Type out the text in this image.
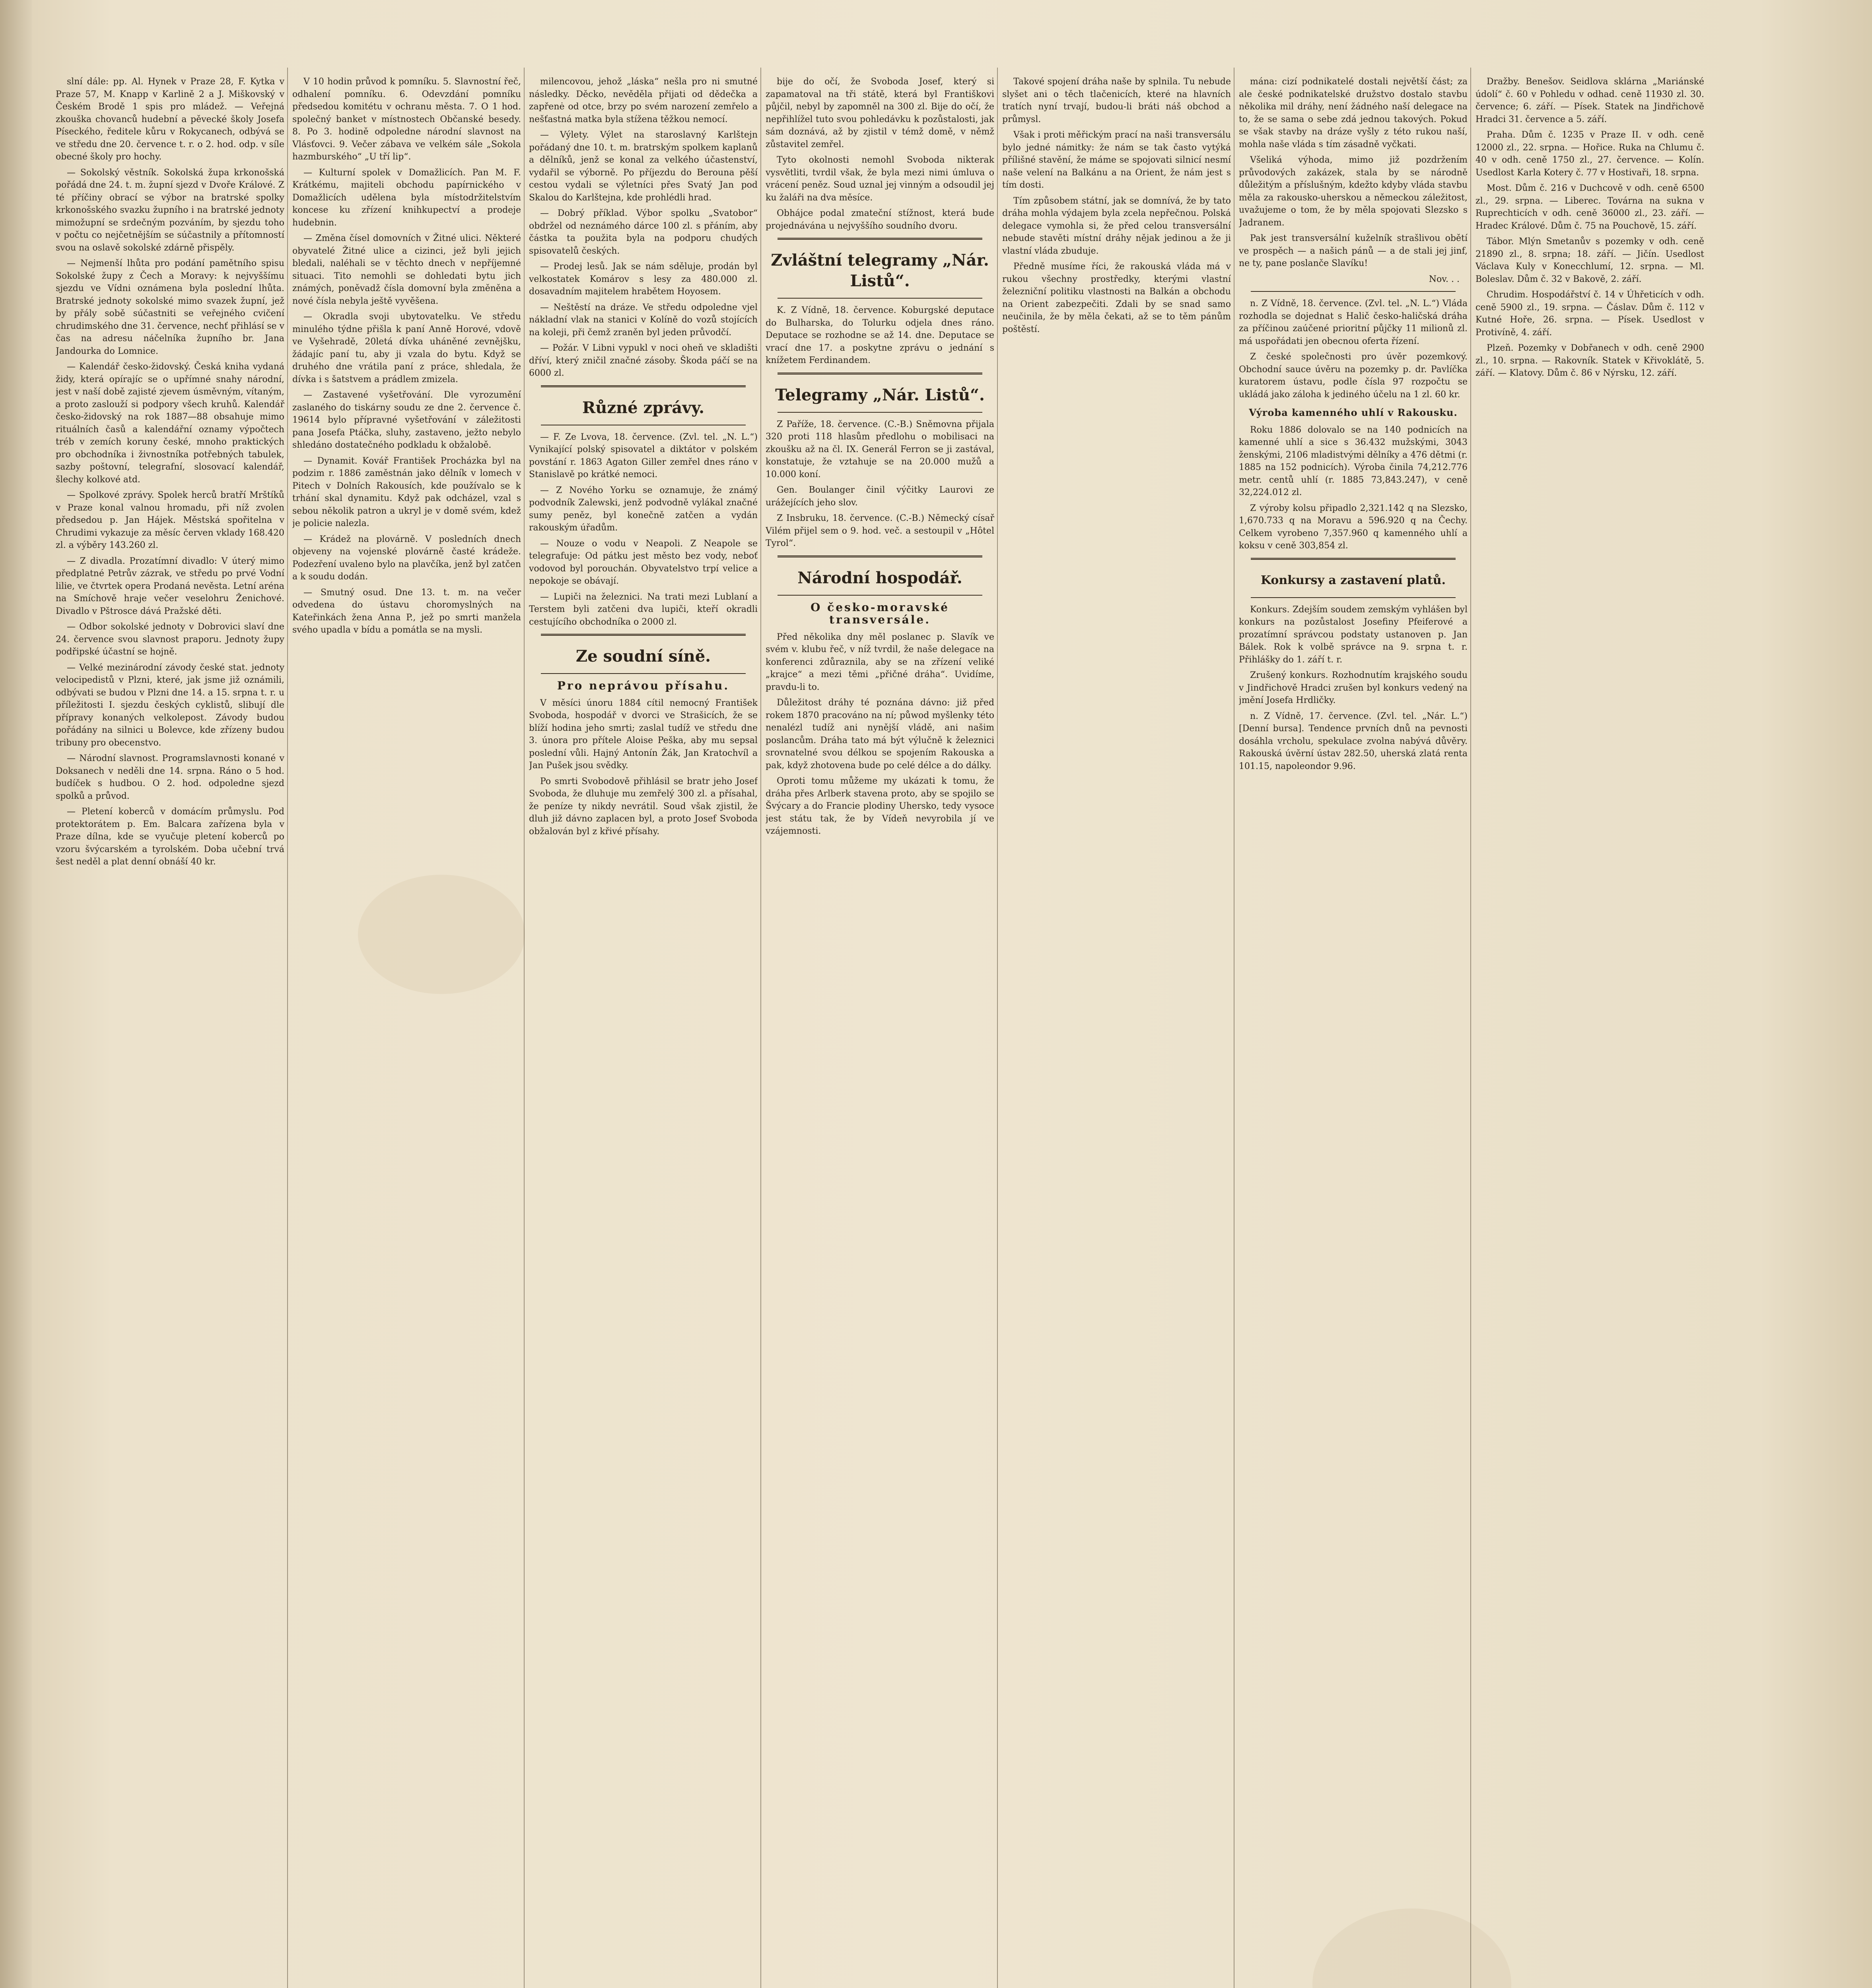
slní dále: pp. Al. Hynek v Praze 28, F. Kytka v Praze 57, M. Knapp v Karlině 2 a J. Miškovský v Českém Brodě 1 spis pro mládež. — Veřejná zkouška chovanců hudební a pěvecké školy Josefa Píseckého, ředitele kůru v Rokycanech, odbývá se ve středu dne 20. července t. r. o 2. hod. odp. v síle obecné školy pro hochy.

— Sokolský věstník. Sokolská župa krkonošská pořádá dne 24. t. m. župní sjezd v Dvoře Králové. Z té příčiny obrací se výbor na bratrské spolky krkonošského svazku župního i na bratrské jednoty mimožupní se srdečným pozváním, by sjezdu toho v počtu co nejčetnějším se súčastnily a přítomností svou na oslavě sokolské zdárně přispěly.

— Nejmenší lhůta pro podání pamětního spisu Sokolské župy z Čech a Moravy: k nejvyššímu sjezdu ve Vídni oznámena byla poslední lhůta. Bratrské jednoty sokolské mimo svazek župní, jež by přály sobě súčastniti se veřejného cvičení chrudimského dne 31. července, nechť přihlásí se v čas na adresu náčelníka župního br. Jana Jandourka do Lomnice.

— Kalendář česko-židovský. Česká kniha vydaná židy, která opírajíc se o upřímné snahy národní, jest v naší době zajisté zjevem úsměvným, vítaným, a proto zaslouží si podpory všech kruhů. Kalendář česko-židovský na rok 1887—88 obsahuje mimo rituálních časů a kalendářní oznamy výpočtech tréb v zemích koruny české, mnoho praktických pro obchodníka i živnostníka potřebných tabulek, sazby poštovní, telegrafní, slosovací kalendář, šlechy kolkové atd.

— Spolkové zprávy. Spolek herců bratří Mrštíků v Praze konal valnou hromadu, při níž zvolen předsedou p. Jan Hájek. Městská spořitelna v Chrudimi vykazuje za měsíc červen vklady 168.420 zl. a výběry 143.260 zl.

— Z divadla. Prozatímní divadlo: V úterý mimo předplatné Petrův zázrak, ve středu po prvé Vodní lilie, ve čtvrtek opera Prodaná nevěsta. Letní aréna na Smíchově hraje večer veselohru Ženichové. Divadlo v Pštrosce dává Pražské děti.

— Odbor sokolské jednoty v Dobrovici slaví dne 24. července svou slavnost praporu. Jednoty župy podřipské účastní se hojně.

— Velké mezinárodní závody české stat. jednoty velocipedistů v Plzni, které, jak jsme již oznámili, odbývati se budou v Plzni dne 14. a 15. srpna t. r. u příležitosti I. sjezdu českých cyklistů, slibují dle přípravy konaných velkolepost. Závody budou pořádány na silnici u Bolevce, kde zřízeny budou tribuny pro obecenstvo.

— Národní slavnost. Programslavnosti konané v Doksanech v neděli dne 14. srpna. Ráno o 5 hod. budíček s hudbou. O 2. hod. odpoledne sjezd spolků a průvod.

— Pletení koberců v domácím průmyslu. Pod protektorátem p. Em. Balcara zařízena byla v Praze dílna, kde se vyučuje pletení koberců po vzoru švýcarském a tyrolském. Doba učební trvá šest neděl a plat denní obnáší 40 kr.

V 10 hodin průvod k pomníku. 5. Slavnostní řeč, odhalení pomníku. 6. Odevzdání pomníku předsedou komitétu v ochranu města. 7. O 1 hod. společný banket v místnostech Občanské besedy. 8. Po 3. hodině odpoledne národní slavnost na Vlásťovci. 9. Večer zábava ve velkém sále „Sokola hazmburského“ „U tří lip“.

— Kulturní spolek v Domažlicích. Pan M. F. Krátkému, majiteli obchodu papírnického v Domažlicích udělena byla místodržitelstvím koncese ku zřízení knihkupectví a prodeje hudebnin.

— Změna čísel domovních v Žitné ulici. Některé obyvatelé Žitné ulice a cizinci, jež byli jejich bledali, naléhali se v těchto dnech v nepříjemné situaci. Tito nemohli se dohledati bytu jich známých, poněvadž čísla domovní byla změněna a nové čísla nebyla ještě vyvěšena.

— Okradla svoji ubytovatelku. Ve středu minulého týdne přišla k paní Anně Horové, vdově ve Vyšehradě, 20letá dívka uháněné zevnějšku, žádajíc paní tu, aby ji vzala do bytu. Když se druhého dne vrátila paní z práce, shledala, že dívka i s šatstvem a prádlem zmizela.

— Zastavené vyšetřování. Dle vyrozumění zaslaného do tiskárny soudu ze dne 2. července č. 19614 bylo přípravné vyšetřování v záležitosti pana Josefa Ptáčka, sluhy, zastaveno, ježto nebylo shledáno dostatečného podkladu k obžalobě.

— Dynamit. Kovář František Procházka byl na podzim r. 1886 zaměstnán jako dělník v lomech v Pitech v Dolních Rakousích, kde používalo se k trhání skal dynamitu. Když pak odcházel, vzal s sebou několik patron a ukryl je v domě svém, kdež je policie nalezla.

— Krádež na plovárně. V posledních dnech objeveny na vojenské plovárně časté krádeže. Podezření uvaleno bylo na plavčíka, jenž byl zatčen a k soudu dodán.

— Smutný osud. Dne 13. t. m. na večer odvedena do ústavu choromyslných na Kateřinkách žena Anna P., jež po smrti manžela svého upadla v bídu a pomátla se na mysli.

milencovou, jehož „láska“ nešla pro ni smutné následky. Děcko, nevěděla přijati od dědečka a zapřenė od otce, brzy po svém narození zemřelo a nešťastná matka byla stížena těžkou nemocí.

— Výlety. Výlet na staroslavný Karlštejn pořádaný dne 10. t. m. bratrským spolkem kaplanů a dělníků, jenž se konal za velkého účastenství, vydařil se výborně. Po příjezdu do Berouna pěší cestou vydali se výletníci přes Svatý Jan pod Skalou do Karlštejna, kde prohlédli hrad.

— Dobrý příklad. Výbor spolku „Svatobor“ obdržel od neznámého dárce 100 zl. s přáním, aby částka ta použita byla na podporu chudých spisovatelů českých.

— Prodej lesů. Jak se nám sděluje, prodán byl velkostatek Komárov s lesy za 480.000 zl. dosavadním majitelem hrabětem Hoyosem.

— Neštěstí na dráze. Ve středu odpoledne vjel nákladní vlak na stanici v Kolíně do vozů stojících na koleji, při čemž zraněn byl jeden průvodčí.

— Požár. V Libni vypukl v noci oheň ve skladišti dříví, který zničil značné zásoby. Škoda páčí se na 6000 zl.

Různé zprávy.

— F. Ze Lvova, 18. července. (Zvl. tel. „N. L.“) Vynikající polský spisovatel a diktátor v polském povstání r. 1863 Agaton Giller zemřel dnes ráno v Stanislavě po krátké nemoci.

— Z Nového Yorku se oznamuje, že známý podvodník Zalewski, jenž podvodně vylákal značné sumy peněz, byl konečně zatčen a vydán rakouským úřadům.

— Nouze o vodu v Neapoli. Z Neapole se telegrafuje: Od pátku jest město bez vody, neboť vodovod byl porouchán. Obyvatelstvo trpí velice a nepokoje se obávají.

— Lupiči na železnici. Na trati mezi Lublaní a Terstem byli zatčeni dva lupiči, kteří okradli cestujícího obchodníka o 2000 zl.

Ze soudní síně.
Pro neprávou přísahu.

V měsíci únoru 1884 cítil nemocný František Svoboda, hospodář v dvorci ve Strašicích, že se blíží hodina jeho smrti; zaslal tudíž ve středu dne 3. února pro přítele Aloise Peška, aby mu sepsal poslední vůli. Hajný Antonín Žák, Jan Kratochvíl a Jan Pušek jsou svědky.

Po smrti Svobodově přihlásil se bratr jeho Josef Svoboda, že dluhuje mu zemřelý 300 zl. a přísahal, že peníze ty nikdy nevrátil. Soud však zjistil, že dluh již dávno zaplacen byl, a proto Josef Svoboda obžalován byl z křivé přísahy.

bije do očí, že Svoboda Josef, který si zapamatoval na tři státě, která byl Františkovi půjčil, nebyl by zapomněl na 300 zl. Bije do očí, že nepřihlížel tuto svou pohledávku k pozůstalosti, jak sám doznává, až by zjistil v témž domě, v němž zůstavitel zemřel.

Tyto okolnosti nemohl Svoboda nikterak vysvětliti, tvrdil však, že byla mezi nimi úmluva o vrácení peněz. Soud uznal jej vinným a odsoudil jej ku žaláři na dva měsíce.

Obhájce podal zmateční stížnost, která bude projednávána u nejvyššího soudního dvoru.

Zvláštní telegramy „Nár. Listů“.

K. Z Vídně, 18. července. Koburgské deputace do Bulharska, do Tolurku odjela dnes ráno. Deputace se rozhodne se až 14. dne. Deputace se vrací dne 17. a poskytne zprávu o jednání s knížetem Ferdinandem.

Telegramy „Nár. Listů“.

Z Paříže, 18. července. (C.-B.) Sněmovna přijala 320 proti 118 hlasům předlohu o mobilisaci na zkoušku až na čl. IX. Generál Ferron se ji zastával, konstatuje, že vztahuje se na 20.000 mužů a 10.000 koní.

Gen. Boulanger činil výčitky Laurovi ze urážejících jeho slov.

Z Insbruku, 18. července. (C.-B.) Německý císař Vilém přijel sem o 9. hod. več. a sestoupil v „Hôtel Tyrol“.

Národní hospodář.
O česko-moravské transversále.

Před několika dny měl poslanec p. Slavík ve svém v. klubu řeč, v níž tvrdil, že naše delegace na konferenci zdůraznila, aby se na zřízení veliké „krajce“ a mezi těmi „přičné dráha“. Uvidíme, pravdu-li to.

Důležitost dráhy té poznána dávno: již před rokem 1870 pracováno na ní; půwod myšlenky této nenalézl tudíž ani nynější vládě, ani našim poslancům. Dráha tato má být výlučně k železnici srovnatelné svou délkou se spojením Rakouska a pak, když zhotovena bude po celé délce a do dálky.

Oproti tomu můžeme my ukázati k tomu, že dráha přes Arlberk stavena proto, aby se spojilo se Švýcary a do Francie plodiny Uhersko, tedy vysoce jest státu tak, že by Vídeň nevyrobila jí ve vzájemnosti.

Takové spojení dráha naše by splnila. Tu nebude slyšet ani o těch tlačenicích, které na hlavních tratích nyní trvají, budou-li bráti náš obchod a průmysl.

Však i proti měřickým prací na naši transversálu bylo jedné námitky: že nám se tak často vytýká přílišné stavění, že máme se spojovati silnicí nesmí naše velení na Balkánu a na Orient, že nám jest s tím dosti.

Tím způsobem státní, jak se domnívá, že by tato dráha mohla výdajem byla zcela nepřečnou. Polská delegace vymohla si, že před celou transversální nebude stavěti místní dráhy nějak jedinou a že ji vlastní vláda zbuduje.

Předně musíme říci, že rakouská vláda má v rukou všechny prostředky, kterými vlastní železniční politiku vlastnosti na Balkán a obchodu na Orient zabezpečiti. Zdali by se snad samo neučinila, že by měla čekati, až se to těm pánům poštěstí.

mána: cizí podnikatelé dostali největší část; za ale české podnikatelské družstvo dostalo stavbu několika mil dráhy, není žádného naší delegace na to, že se sama o sebe zdá jednou takových. Pokud se však stavby na dráze vyšly z této rukou naší, mohla naše vláda s tím zásadně vyčkati.

Všeliká výhoda, mimo již pozdržením průvodových zakázek, stala by se národně důležitým a příslušným, kdežto kdyby vláda stavbu měla za rakousko-uherskou a německou záležitost, uvažujeme o tom, že by měla spojovati Slezsko s Jadranem.

Pak jest transversální kuželník strašlivou obětí ve prospěch — a našich pánů — a de stali jej jinf, ne ty, pane poslanče Slavíku!

Nov. . .

n. Z Vídně, 18. července. (Zvl. tel. „N. L.“) Vláda rozhodla se dojednat s Halič česko-haličská dráha za příčinou zaúčené prioritní půjčky 11 milionů zl. má uspořádati jen obecnou oferta řízení.

Z české společnosti pro úvěr pozemkový. Obchodní sauce úvěru na pozemky p. dr. Pavlíčka kuratorem ústavu, podle čísla 97 rozpočtu se ukládá jako záloha k jediného účelu na 1 zl. 60 kr.

Výroba kamenného uhlí v Rakousku.

Roku 1886 dolovalo se na 140 podnicích na kamenné uhlí a sice s 36.432 mužskými, 3043 ženskými, 2106 mladistvými dělníky a 476 dětmi (r. 1885 na 152 podnicích). Výroba činila 74,212.776 metr. centů uhlí (r. 1885 73,843.247), v ceně 32,224.012 zl.

Z výroby kolsu připadlo 2,321.142 q na Slezsko, 1,670.733 q na Moravu a 596.920 q na Čechy. Celkem vyrobeno 7,357.960 q kamenného uhlí a koksu v ceně 303,854 zl.

Konkursy a zastavení platů.

Konkurs. Zdejším soudem zemským vyhlášen byl konkurs na pozůstalost Josefiny Pfeiferové a prozatímní správcou podstaty ustanoven p. Jan Bálek. Rok k volbě správce na 9. srpna t. r. Přihlášky do 1. září t. r.

Zrušený konkurs. Rozhodnutím krajského soudu v Jindřichově Hradci zrušen byl konkurs vedený na jmění Josefa Hrdličky.

n. Z Vídně, 17. července. (Zvl. tel. „Nár. L.“) [Denní bursa]. Tendence prvních dnů na pevnosti dosáhla vrcholu, spekulace zvolna nabývá důvěry. Rakouská úvěrní ústav 282.50, uherská zlatá renta 101.15, napoleondor 9.96.

Dražby. Benešov. Seidlova sklárna „Mariánské údolí“ č. 60 v Pohledu v odhad. ceně 11930 zl. 30. července; 6. září. — Písek. Statek na Jindřichově Hradci 31. července a 5. září.

Praha. Dům č. 1235 v Praze II. v odh. ceně 12000 zl., 22. srpna. — Hořice. Ruka na Chlumu č. 40 v odh. ceně 1750 zl., 27. července. — Kolín. Usedlost Karla Kotery č. 77 v Hostivaři, 18. srpna.

Most. Dům č. 216 v Duchcově v odh. ceně 6500 zl., 29. srpna. — Liberec. Továrna na sukna v Ruprechticích v odh. ceně 36000 zl., 23. září. — Hradec Králové. Dům č. 75 na Pouchově, 15. září.

Tábor. Mlýn Smetanův s pozemky v odh. ceně 21890 zl., 8. srpna; 18. září. — Jičín. Usedlost Václava Kuly v Konecchlumí, 12. srpna. — Ml. Boleslav. Dům č. 32 v Bakově, 2. září.

Chrudim. Hospodářství č. 14 v Úhřeticích v odh. ceně 5900 zl., 19. srpna. — Čáslav. Dům č. 112 v Kutné Hoře, 26. srpna. — Písek. Usedlost v Protivíně, 4. září.

Plzeň. Pozemky v Dobřanech v odh. ceně 2900 zl., 10. srpna. — Rakovník. Statek v Křivoklátě, 5. září. — Klatovy. Dům č. 86 v Nýrsku, 12. září.
